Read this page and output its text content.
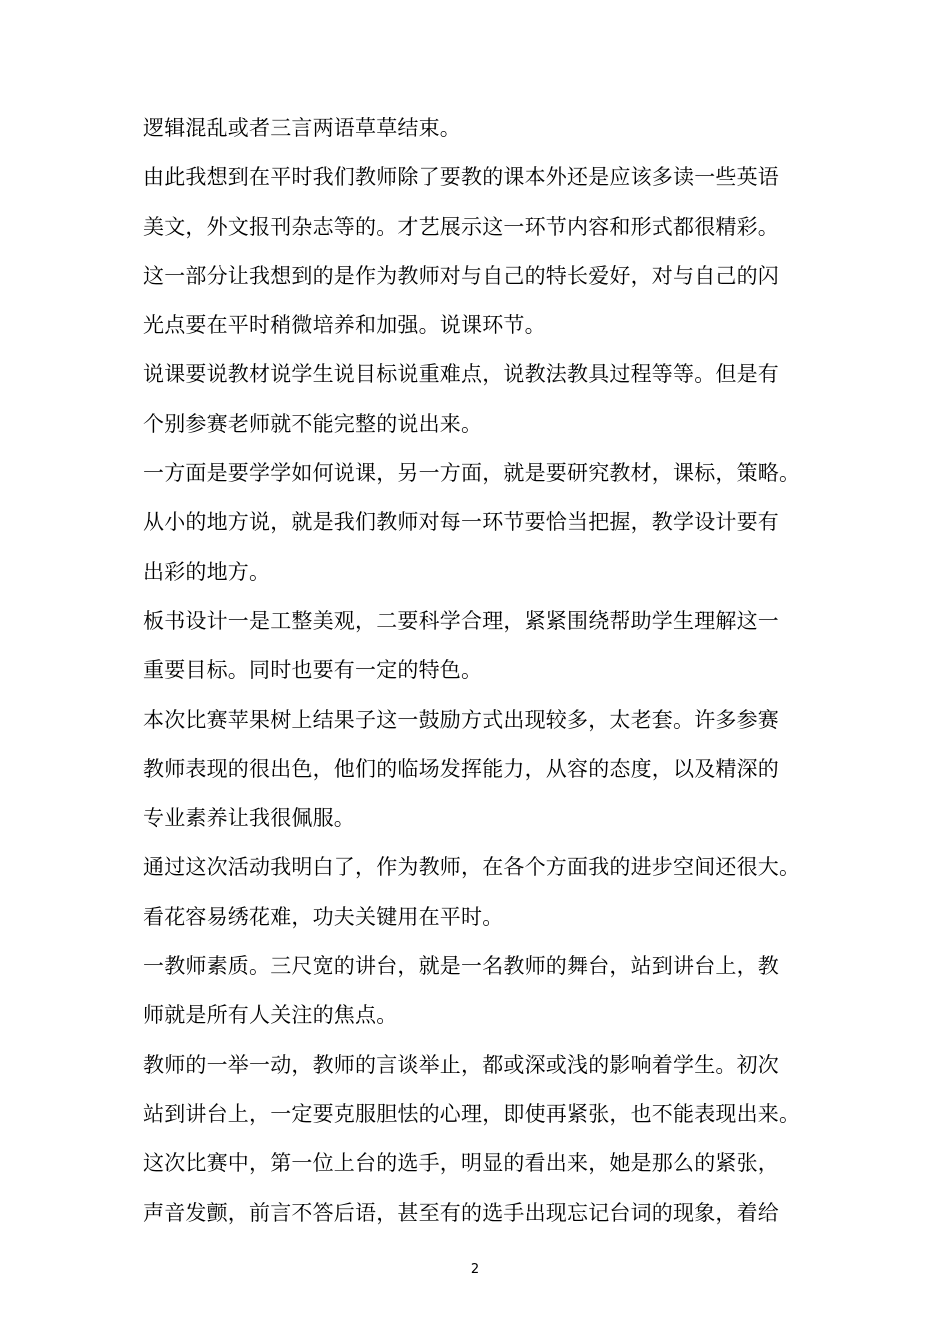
逻辑混乱或者三言两语草草结束。
由此我想到在平时我们教师除了要教的课本外还是应该多读一些英语
美文，外文报刊杂志等的。才艺展示这一环节内容和形式都很精彩。
这一部分让我想到的是作为教师对与自己的特长爱好，对与自己的闪
光点要在平时稍微培养和加强。说课环节。
说课要说教材说学生说目标说重难点，说教法教具过程等等。但是有
个别参赛老师就不能完整的说出来。
一方面是要学学如何说课，另一方面，就是要研究教材，课标，策略。
从小的地方说，就是我们教师对每一环节要恰当把握，教学设计要有
出彩的地方。
板书设计一是工整美观，二要科学合理，紧紧围绕帮助学生理解这一
重要目标。同时也要有一定的特色。
本次比赛苹果树上结果子这一鼓励方式出现较多，太老套。许多参赛
教师表现的很出色，他们的临场发挥能力，从容的态度，以及精深的
专业素养让我很佩服。
通过这次活动我明白了，作为教师，在各个方面我的进步空间还很大。
看花容易绣花难，功夫关键用在平时。
一教师素质。三尺宽的讲台，就是一名教师的舞台，站到讲台上，教
师就是所有人关注的焦点。
教师的一举一动，教师的言谈举止，都或深或浅的影响着学生。初次
站到讲台上，一定要克服胆怯的心理，即使再紧张，也不能表现出来。
这次比赛中，第一位上台的选手，明显的看出来，她是那么的紧张，
声音发颤，前言不答后语，甚至有的选手出现忘记台词的现象，着给
2
